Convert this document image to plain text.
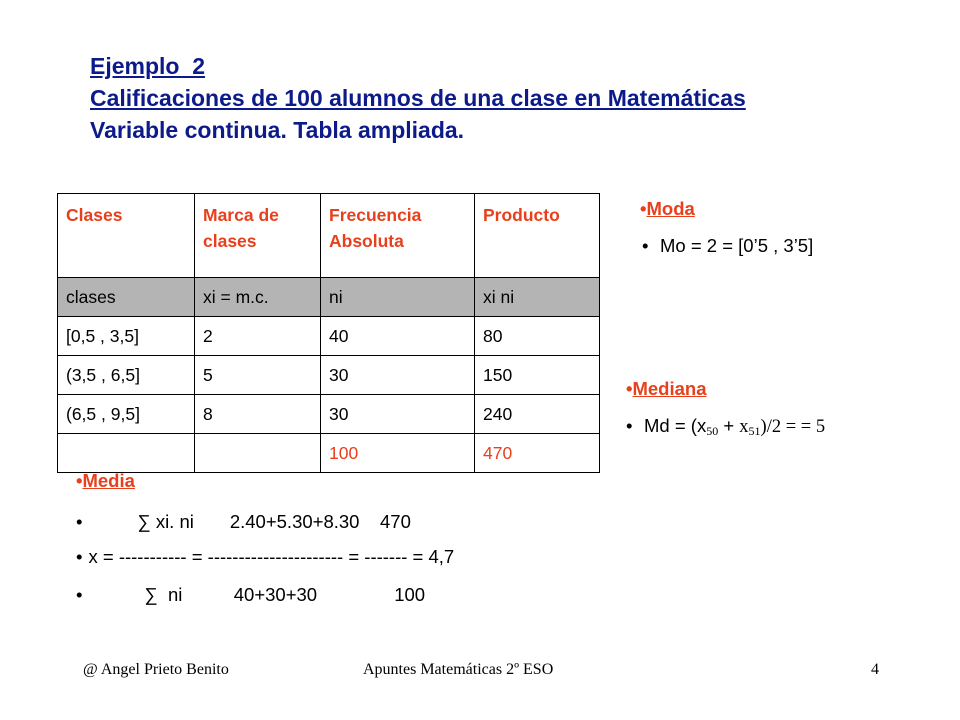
Ejemplo_2
Calificaciones de 100 alumnos de una clase en Matemáticas
Variable continua. Tabla ampliada.
Clases	Marca de clases	Frecuencia Absoluta	Producto
clases	xi = m.c.	ni	xi ni
[0,5 , 3,5]	2	40	80
(3,5 , 6,5]	5	30	150
(6,5 , 9,5]	8	30	240
		100	470
•Moda
• Mo = 2 = [0’5 , 3’5]
•Mediana
• $Md = (x_{50} + x_{51})/2$ = = 5
•Media
•	∑ xi. ni       2.40+5.30+8.30    470
• x = ----------- = ---------------------- = ------- = 4,7
•	∑  ni          40+30+30               100
@ Angel Prieto Benito	Apuntes Matemáticas 2º ESO	4
